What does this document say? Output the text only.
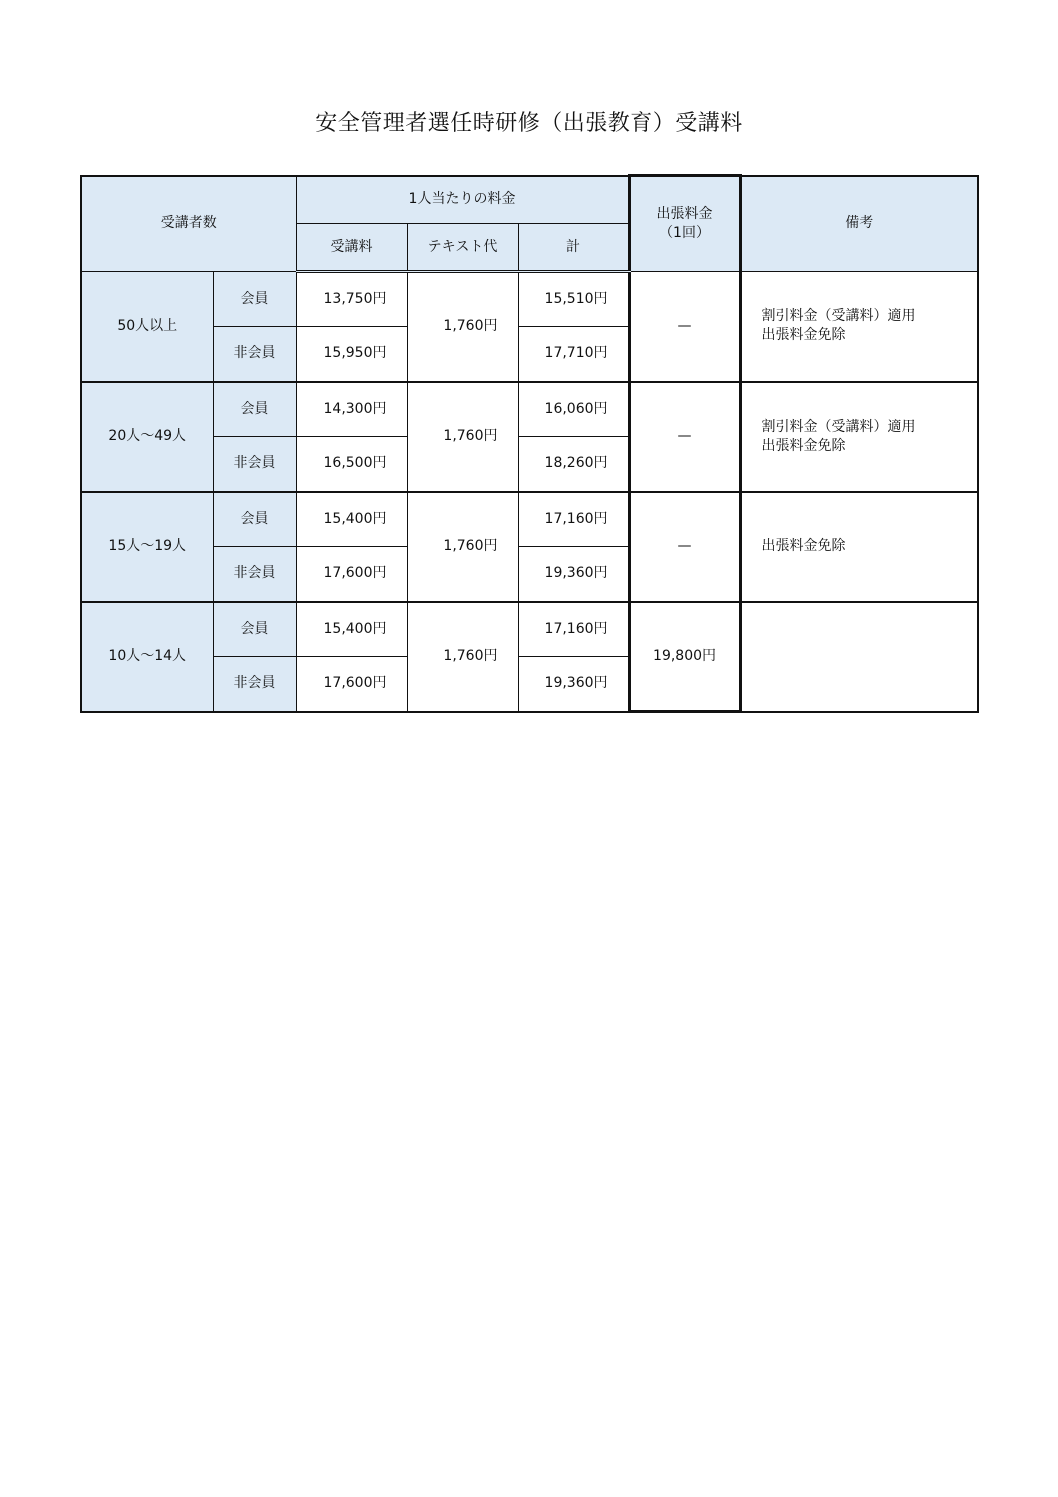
安全管理者選任時研修（出張教育）受講料
受講者数		1人当たりの料金			出張料金
（1回）	備考
		受講料	テキスト代	計		
50人以上	会員	13,750円	1,760円	15,510円	—	割引料金（受講料）適用
出張料金免除

	非会員	15,950円		17,710円		
20人～49人	会員	14,300円	1,760円	16,060円	—	割引料金（受講料）適用
出張料金免除

	非会員	16,500円		18,260円		
15人～19人	会員	15,400円	1,760円	17,160円	—	出張料金免除

	非会員	17,600円		19,360円		
10人～14人	会員	15,400円	1,760円	17,160円	19,800円	
	非会員	17,600円		19,360円		
